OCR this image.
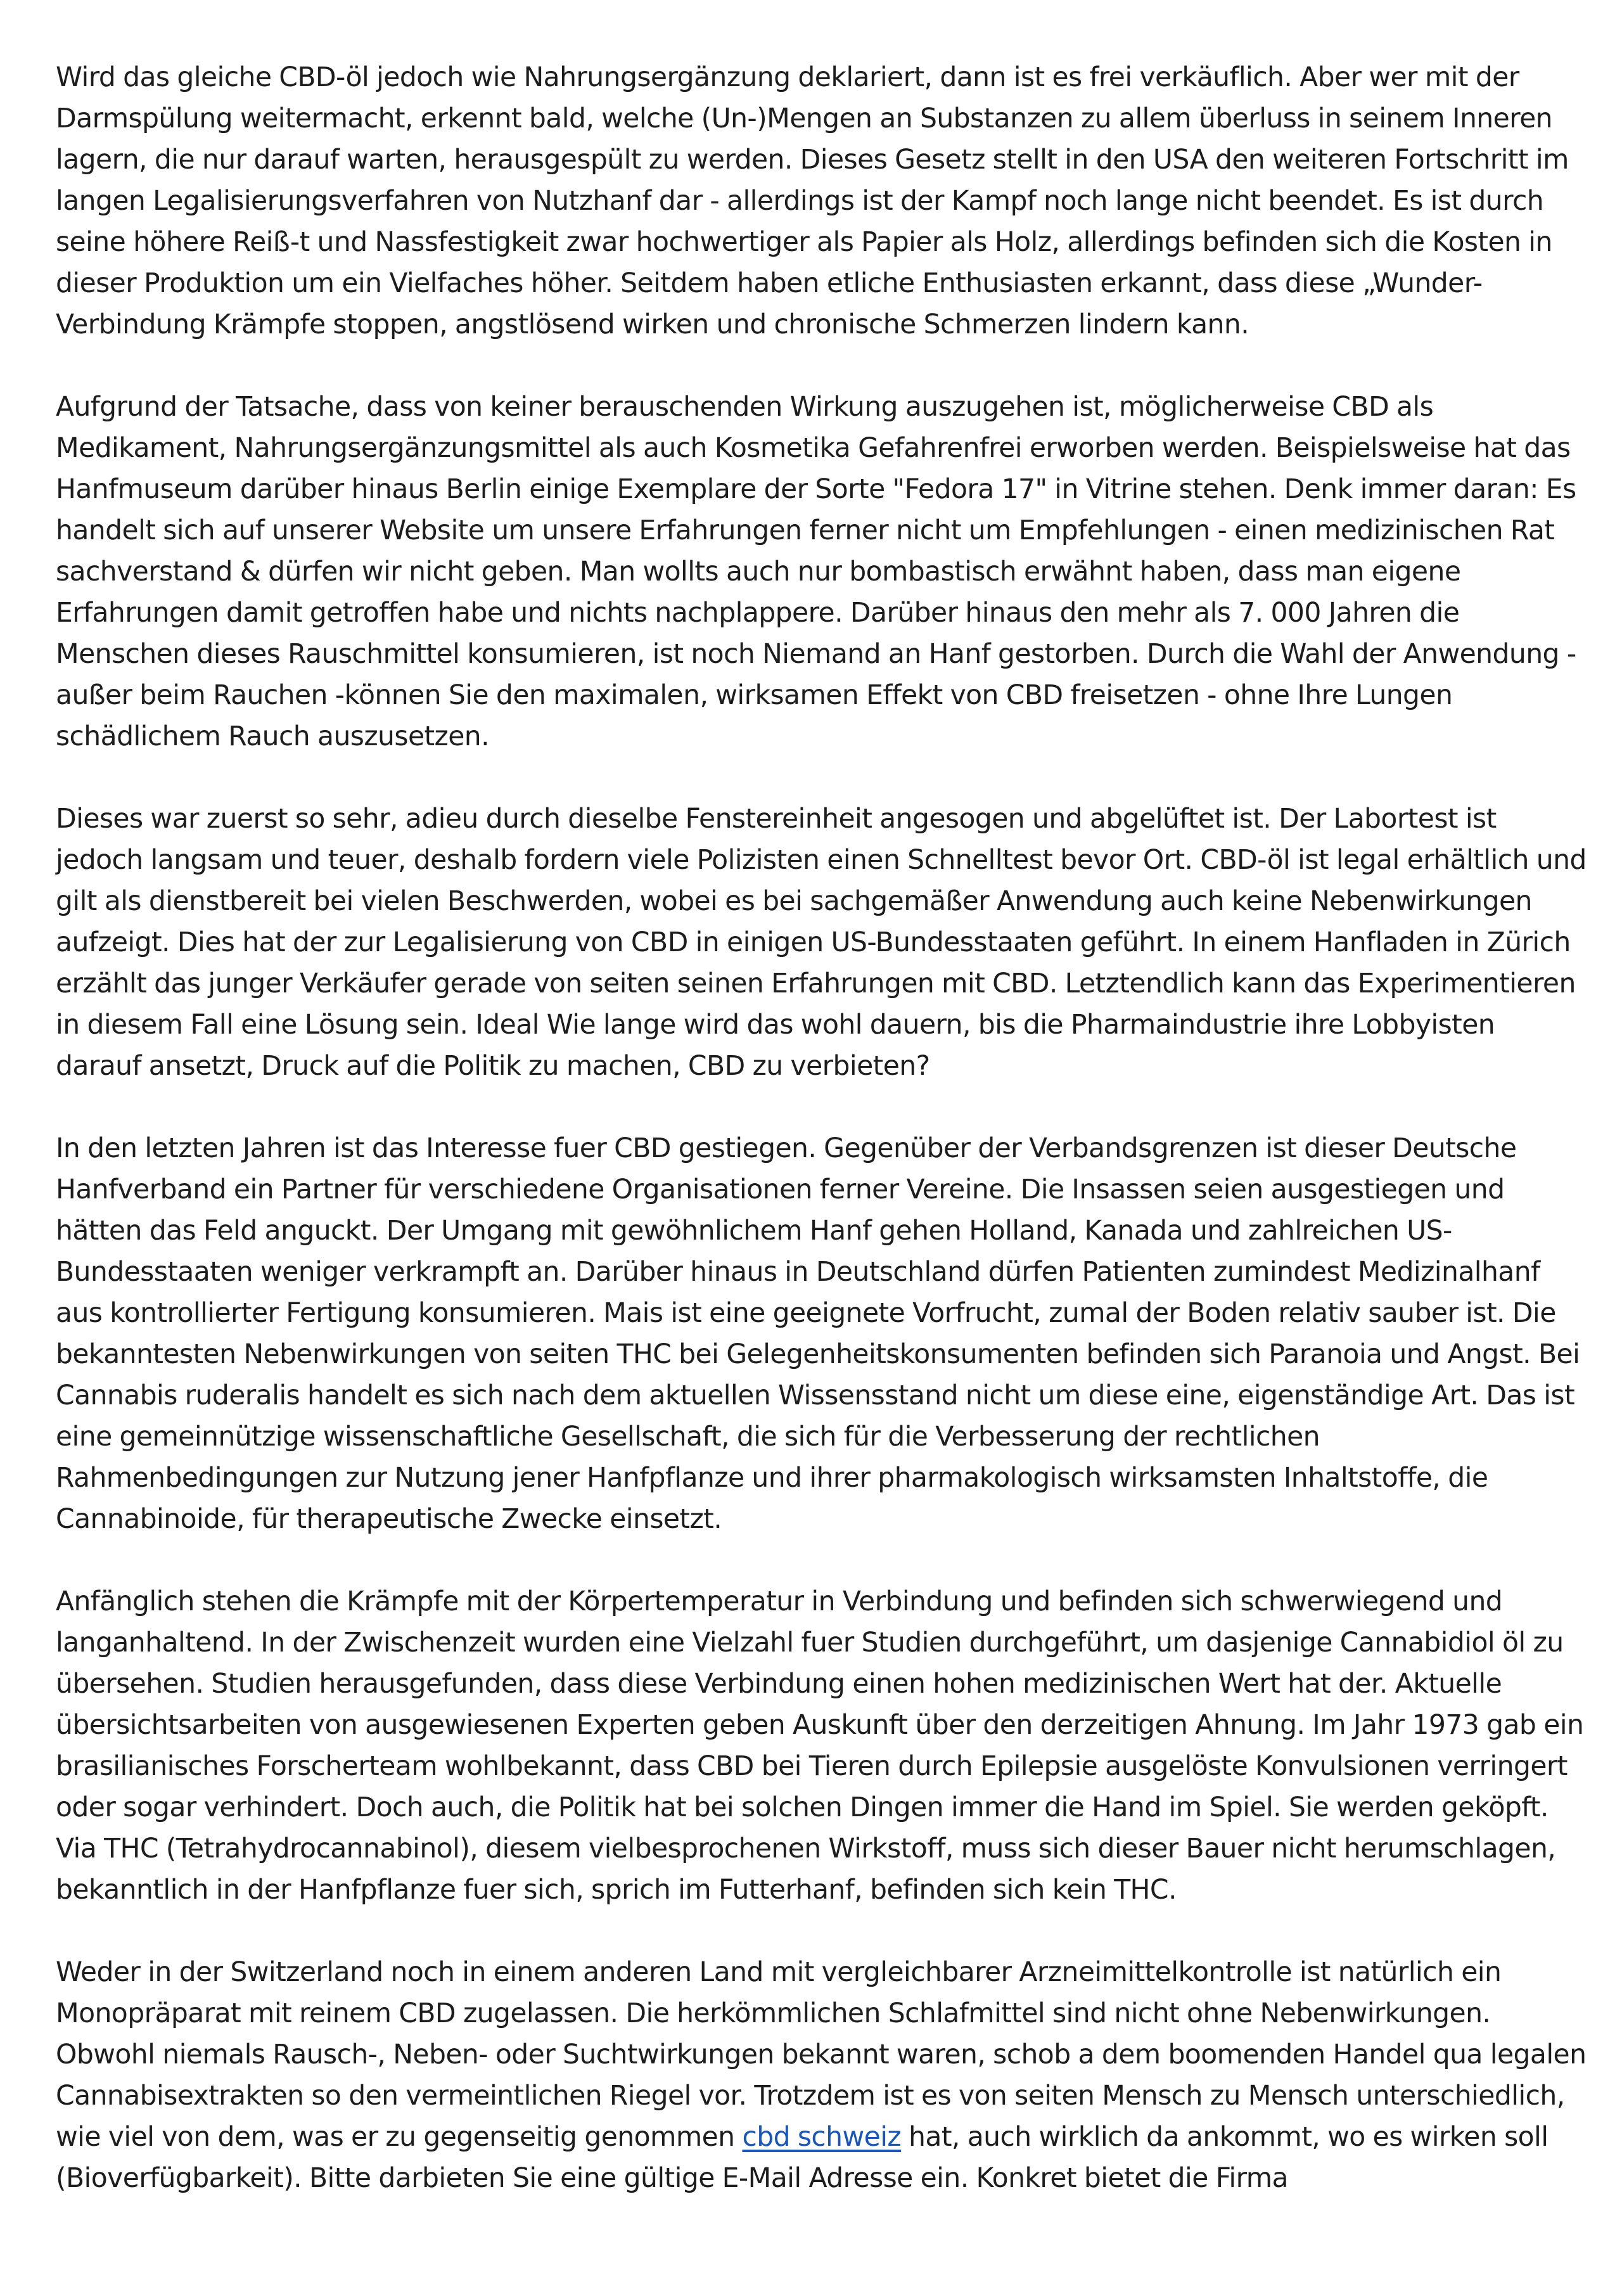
Wird das gleiche CBD-öl jedoch wie Nahrungsergänzung deklariert, dann ist es frei verkäuflich. Aber wer mit der Darmspülung weitermacht, erkennt bald, welche (Un-)Mengen an Substanzen zu allem überluss in seinem Inneren lagern, die nur darauf warten, herausgespült zu werden. Dieses Gesetz stellt in den USA den weiteren Fortschritt im langen Legalisierungsverfahren von Nutzhanf dar - allerdings ist der Kampf noch lange nicht beendet. Es ist durch seine höhere Reiß-t und Nassfestigkeit zwar hochwertiger als Papier als Holz, allerdings befinden sich die Kosten in dieser Produktion um ein Vielfaches höher. Seitdem haben etliche Enthusiasten erkannt, dass diese „Wunder-Verbindung Krämpfe stoppen, angstlösend wirken und chronische Schmerzen lindern kann.

Aufgrund der Tatsache, dass von keiner berauschenden Wirkung auszugehen ist, möglicherweise CBD als Medikament, Nahrungsergänzungsmittel als auch Kosmetika Gefahrenfrei erworben werden. Beispielsweise hat das Hanfmuseum darüber hinaus Berlin einige Exemplare der Sorte "Fedora 17" in Vitrine stehen. Denk immer daran: Es handelt sich auf unserer Website um unsere Erfahrungen ferner nicht um Empfehlungen - einen medizinischen Rat sachverstand & dürfen wir nicht geben. Man wollts auch nur bombastisch erwähnt haben, dass man eigene Erfahrungen damit getroffen habe und nichts nachplappere. Darüber hinaus den mehr als 7. 000 Jahren die Menschen dieses Rauschmittel konsumieren, ist noch Niemand an Hanf gestorben. Durch die Wahl der Anwendung - außer beim Rauchen -können Sie den maximalen, wirksamen Effekt von CBD freisetzen - ohne Ihre Lungen schädlichem Rauch auszusetzen.

Dieses war zuerst so sehr, adieu durch dieselbe Fenstereinheit angesogen und abgelüftet ist. Der Labortest ist jedoch langsam und teuer, deshalb fordern viele Polizisten einen Schnelltest bevor Ort. CBD-öl ist legal erhältlich und gilt als dienstbereit bei vielen Beschwerden, wobei es bei sachgemäßer Anwendung auch keine Nebenwirkungen aufzeigt. Dies hat der zur Legalisierung von CBD in einigen US-Bundesstaaten geführt. In einem Hanfladen in Zürich erzählt das junger Verkäufer gerade von seiten seinen Erfahrungen mit CBD. Letztendlich kann das Experimentieren in diesem Fall eine Lösung sein. Ideal Wie lange wird das wohl dauern, bis die Pharmaindustrie ihre Lobbyisten darauf ansetzt, Druck auf die Politik zu machen, CBD zu verbieten?

In den letzten Jahren ist das Interesse fuer CBD gestiegen. Gegenüber der Verbandsgrenzen ist dieser Deutsche Hanfverband ein Partner für verschiedene Organisationen ferner Vereine. Die Insassen seien ausgestiegen und hätten das Feld anguckt. Der Umgang mit gewöhnlichem Hanf gehen Holland, Kanada und zahlreichen US-Bundesstaaten weniger verkrampft an. Darüber hinaus in Deutschland dürfen Patienten zumindest Medizinalhanf aus kontrollierter Fertigung konsumieren. Mais ist eine geeignete Vorfrucht, zumal der Boden relativ sauber ist. Die bekanntesten Nebenwirkungen von seiten THC bei Gelegenheitskonsumenten befinden sich Paranoia und Angst. Bei Cannabis ruderalis handelt es sich nach dem aktuellen Wissensstand nicht um diese eine, eigenständige Art. Das ist eine gemeinnützige wissenschaftliche Gesellschaft, die sich für die Verbesserung der rechtlichen Rahmenbedingungen zur Nutzung jener Hanfpflanze und ihrer pharmakologisch wirksamsten Inhaltstoffe, die Cannabinoide, für therapeutische Zwecke einsetzt.

Anfänglich stehen die Krämpfe mit der Körpertemperatur in Verbindung und befinden sich schwerwiegend und langanhaltend. In der Zwischenzeit wurden eine Vielzahl fuer Studien durchgeführt, um dasjenige Cannabidiol öl zu übersehen. Studien herausgefunden, dass diese Verbindung einen hohen medizinischen Wert hat der. Aktuelle übersichtsarbeiten von ausgewiesenen Experten geben Auskunft über den derzeitigen Ahnung. Im Jahr 1973 gab ein brasilianisches Forscherteam wohlbekannt, dass CBD bei Tieren durch Epilepsie ausgelöste Konvulsionen verringert oder sogar verhindert. Doch auch, die Politik hat bei solchen Dingen immer die Hand im Spiel. Sie werden geköpft. Via THC (Tetrahydrocannabinol), diesem vielbesprochenen Wirkstoff, muss sich dieser Bauer nicht herumschlagen, bekanntlich in der Hanfpflanze fuer sich, sprich im Futterhanf, befinden sich kein THC.

Weder in der Switzerland noch in einem anderen Land mit vergleichbarer Arzneimittelkontrolle ist natürlich ein Monopräparat mit reinem CBD zugelassen. Die herkömmlichen Schlafmittel sind nicht ohne Nebenwirkungen. Obwohl niemals Rausch-, Neben- oder Suchtwirkungen bekannt waren, schob a dem boomenden Handel qua legalen Cannabisextrakten so den vermeintlichen Riegel vor. Trotzdem ist es von seiten Mensch zu Mensch unterschiedlich, wie viel von dem, was er zu gegenseitig genommen cbd schweiz hat, auch wirklich da ankommt, wo es wirken soll (Bioverfügbarkeit). Bitte darbieten Sie eine gültige E-Mail Adresse ein. Konkret bietet die Firma
